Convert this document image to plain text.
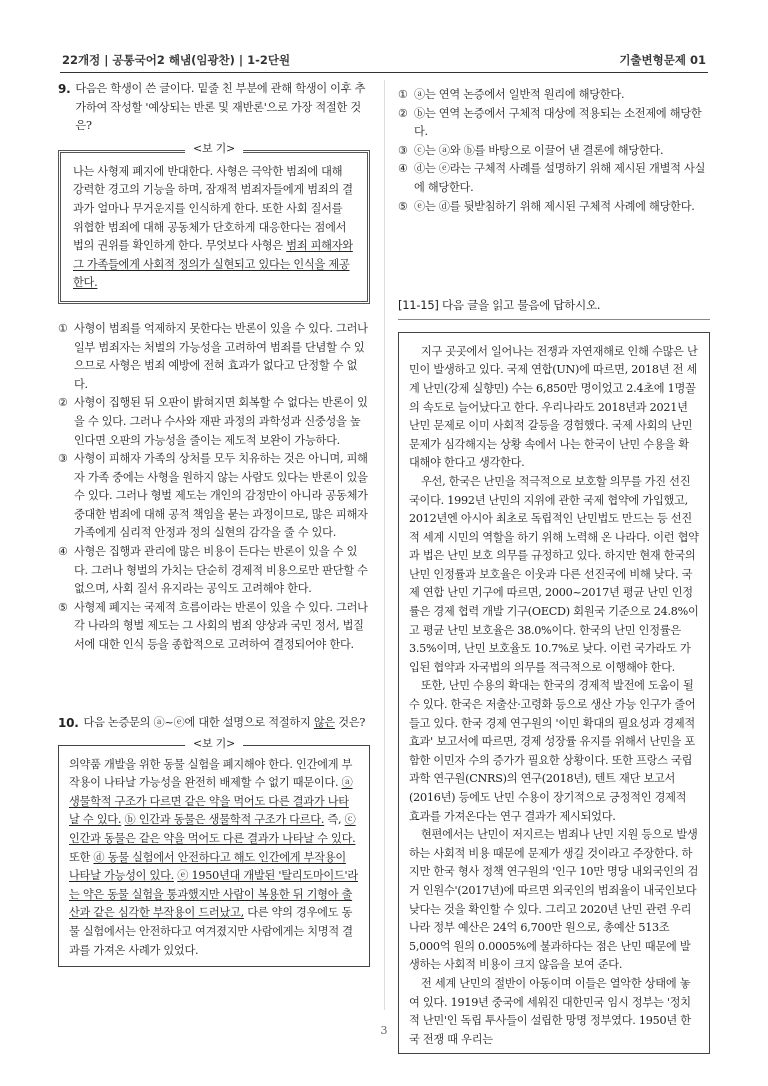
22개정 | 공통국어2 해냄(임광찬) | 1-2단원	기출변형문제 01
9. 다음은 학생이 쓴 글이다. 밑줄 친 부분에 관해 학생이 이후 추가하여 작성할 '예상되는 반론 및 재반론'으로 가장 적절한 것은?
<보 기>
나는 사형제 폐지에 반대한다. 사형은 극악한 범죄에 대해 강력한 경고의 기능을 하며, 잠재적 범죄자들에게 범죄의 결과가 얼마나 무거운지를 인식하게 한다. 또한 사회 질서를 위협한 범죄에 대해 공동체가 단호하게 대응한다는 점에서 법의 권위를 확인하게 한다. 무엇보다 사형은 범죄 피해자와 그 가족들에게 사회적 정의가 실현되고 있다는 인식을 제공한다.
① 사형이 범죄를 억제하지 못한다는 반론이 있을 수 있다. 그러나 일부 범죄자는 처벌의 가능성을 고려하여 범죄를 단념할 수 있으므로 사형은 범죄 예방에 전혀 효과가 없다고 단정할 수 없다.
② 사형이 집행된 뒤 오판이 밝혀지면 회복할 수 없다는 반론이 있을 수 있다. 그러나 수사와 재판 과정의 과학성과 신중성을 높인다면 오판의 가능성을 줄이는 제도적 보완이 가능하다.
③ 사형이 피해자 가족의 상처를 모두 치유하는 것은 아니며, 피해자 가족 중에는 사형을 원하지 않는 사람도 있다는 반론이 있을 수 있다. 그러나 형벌 제도는 개인의 감정만이 아니라 공동체가 중대한 범죄에 대해 공적 책임을 묻는 과정이므로, 많은 피해자 가족에게 심리적 안정과 정의 실현의 감각을 줄 수 있다.
④ 사형은 집행과 관리에 많은 비용이 든다는 반론이 있을 수 있다. 그러나 형벌의 가치는 단순히 경제적 비용으로만 판단할 수 없으며, 사회 질서 유지라는 공익도 고려해야 한다.
⑤ 사형제 폐지는 국제적 흐름이라는 반론이 있을 수 있다. 그러나 각 나라의 형벌 제도는 그 사회의 범죄 양상과 국민 정서, 법질서에 대한 인식 등을 종합적으로 고려하여 결정되어야 한다.
10. 다음 논증문의 ⓐ~ⓔ에 대한 설명으로 적절하지 않은 것은?
<보 기>
의약품 개발을 위한 동물 실험을 폐지해야 한다. 인간에게 부작용이 나타날 가능성을 완전히 배제할 수 없기 때문이다. ⓐ 생물학적 구조가 다르면 같은 약을 먹어도 다른 결과가 나타날 수 있다. ⓑ 인간과 동물은 생물학적 구조가 다르다. 즉, ⓒ 인간과 동물은 같은 약을 먹어도 다른 결과가 나타날 수 있다. 또한 ⓓ 동물 실험에서 안전하다고 해도 인간에게 부작용이 나타날 가능성이 있다. ⓔ 1950년대 개발된 '탈리도마이드'라는 약은 동물 실험을 통과했지만 사람이 복용한 뒤 기형아 출산과 같은 심각한 부작용이 드러났고, 다른 약의 경우에도 동물 실험에서는 안전하다고 여겨졌지만 사람에게는 치명적 결과를 가져온 사례가 있었다.
① ⓐ는 연역 논증에서 일반적 원리에 해당한다.
② ⓑ는 연역 논증에서 구체적 대상에 적용되는 소전제에 해당한다.
③ ⓒ는 ⓐ와 ⓑ를 바탕으로 이끌어 낸 결론에 해당한다.
④ ⓓ는 ⓔ라는 구체적 사례를 설명하기 위해 제시된 개별적 사실에 해당한다.
⑤ ⓔ는 ⓓ를 뒷받침하기 위해 제시된 구체적 사례에 해당한다.
[11-15] 다음 글을 읽고 물음에 답하시오.

지구 곳곳에서 일어나는 전쟁과 자연재해로 인해 수많은 난민이 발생하고 있다. 국제 연합(UN)에 따르면, 2018년 전 세계 난민(강제 실향민) 수는 6,850만 명이었고 2.4초에 1명꼴의 속도로 늘어났다고 한다. 우리나라도 2018년과 2021년 난민 문제로 이미 사회적 갈등을 경험했다. 국제 사회의 난민 문제가 심각해지는 상황 속에서 나는 한국이 난민 수용을 확대해야 한다고 생각한다.

우선, 한국은 난민을 적극적으로 보호할 의무를 가진 선진국이다. 1992년 난민의 지위에 관한 국제 협약에 가입했고, 2012년엔 아시아 최초로 독립적인 난민법도 만드는 등 선진적 세계 시민의 역할을 하기 위해 노력해 온 나라다. 이런 협약과 법은 난민 보호 의무를 규정하고 있다. 하지만 현재 한국의 난민 인정률과 보호율은 이웃과 다른 선진국에 비해 낮다. 국제 연합 난민 기구에 따르면, 2000~2017년 평균 난민 인정률은 경제 협력 개발 기구(OECD) 회원국 기준으로 24.8%이고 평균 난민 보호율은 38.0%이다. 한국의 난민 인정률은 3.5%이며, 난민 보호율도 10.7%로 낮다. 이런 국가라도 가입된 협약과 자국법의 의무를 적극적으로 이행해야 한다.

또한, 난민 수용의 확대는 한국의 경제적 발전에 도움이 될 수 있다. 한국은 저출산·고령화 등으로 생산 가능 인구가 줄어들고 있다. 한국 경제 연구원의 '이민 확대의 필요성과 경제적 효과' 보고서에 따르면, 경제 성장률 유지를 위해서 난민을 포함한 이민자 수의 증가가 필요한 상황이다. 또한 프랑스 국립 과학 연구원(CNRS)의 연구(2018년), 텐트 재단 보고서(2016년) 등에도 난민 수용이 장기적으로 긍정적인 경제적 효과를 가져온다는 연구 결과가 제시되었다.

현편에서는 난민이 저지르는 범죄나 난민 지원 등으로 발생하는 사회적 비용 때문에 문제가 생길 것이라고 주장한다. 하지만 한국 형사 정책 연구원의 '인구 10만 명당 내외국인의 검거 인원수'(2017년)에 따르면 외국인의 범죄율이 내국인보다 낮다는 것을 확인할 수 있다. 그리고 2020년 난민 관련 우리나라 정부 예산은 24억 6,700만 원으로, 총예산 513조 5,000억 원의 0.0005%에 불과하다는 점은 난민 때문에 발생하는 사회적 비용이 크지 않음을 보여 준다.

전 세계 난민의 절반이 아동이며 이들은 열악한 상태에 놓여 있다. 1919년 중국에 세워진 대한민국 임시 정부는 '정치적 난민'인 독립 투사들이 설립한 망명 정부였다. 1950년 한국 전쟁 때 우리는

3
